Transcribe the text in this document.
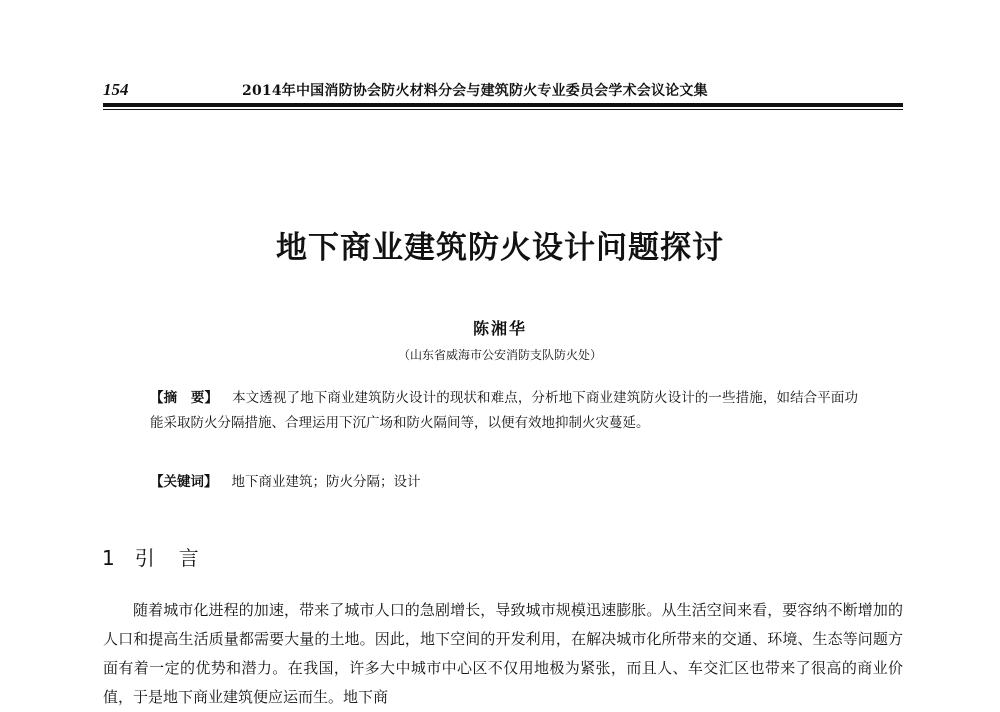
154	2014年中国消防协会防火材料分会与建筑防火专业委员会学术会议论文集
地下商业建筑防火设计问题探讨
陈湘华
（山东省威海市公安消防支队防火处）
【摘　要】 本文透视了地下商业建筑防火设计的现状和难点，分析地下商业建筑防火设计的一些措施，如结合平面功能采取防火分隔措施、合理运用下沉广场和防火隔间等，以便有效地抑制火灾蔓延。
【关键词】 地下商业建筑；防火分隔；设计
1 引　言
随着城市化进程的加速，带来了城市人口的急剧增长，导致城市规模迅速膨胀。从生活空间来看，要容纳不断增加的人口和提高生活质量都需要大量的土地。因此，地下空间的开发利用，在解决城市化所带来的交通、环境、生态等问题方面有着一定的优势和潜力。在我国，许多大中城市中心区不仅用地极为紧张，而且人、车交汇区也带来了很高的商业价值，于是地下商业建筑便应运而生。地下商
